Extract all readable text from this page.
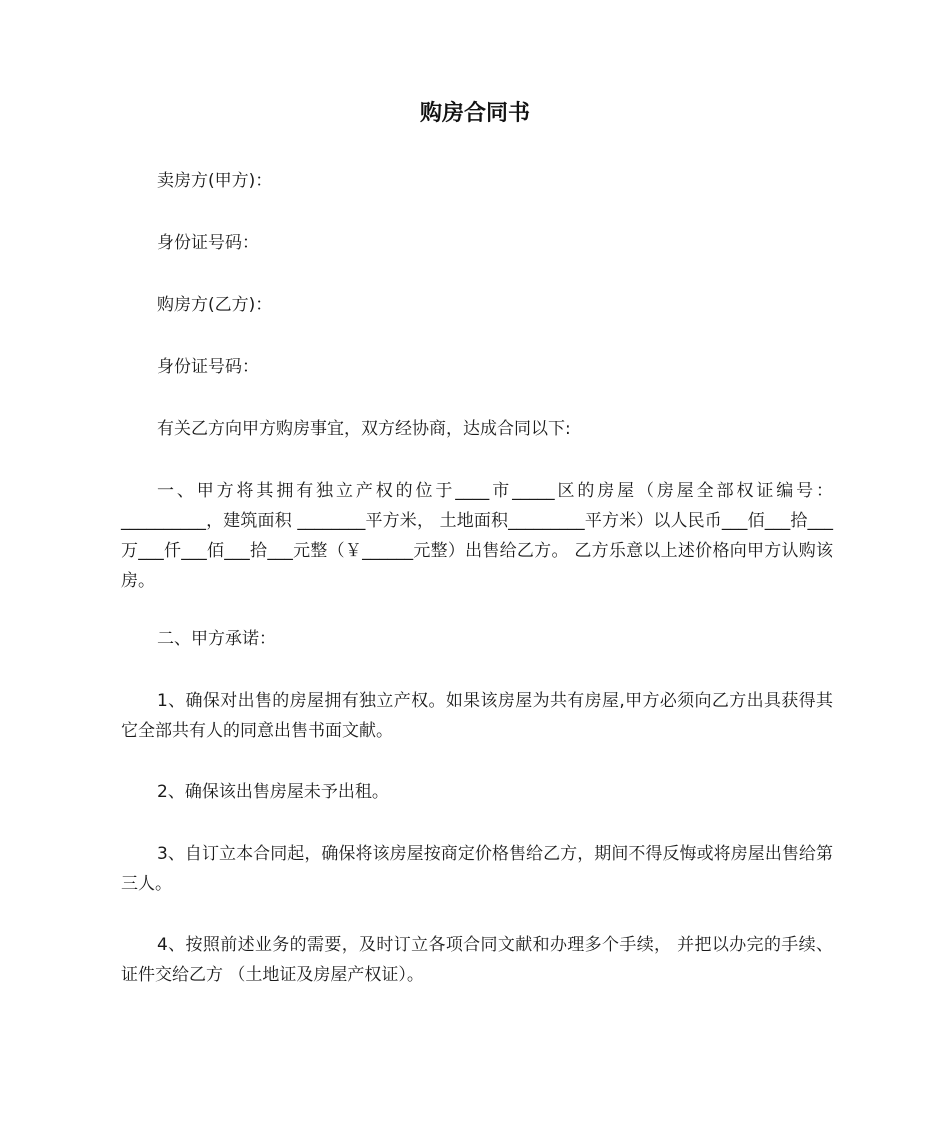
购房合同书

卖房方(甲方)：

身份证号码：

购房方(乙方)：

身份证号码：

有关乙方向甲方购房事宜，双方经协商，达成合同以下:

一、甲方将其拥有独立产权的位于____市_____区的房屋（房屋全部权证编号：__________，建筑面积 ________平方米， 土地面积_________平方米）以人民币___佰___拾___万___仟___佰___拾___元整（￥______元整）出售给乙方。 乙方乐意以上述价格向甲方认购该房。

二、甲方承诺：

1、确保对出售的房屋拥有独立产权。如果该房屋为共有房屋,甲方必须向乙方出具获得其它全部共有人的同意出售书面文献。

2、确保该出售房屋未予出租。

3、自订立本合同起，确保将该房屋按商定价格售给乙方，期间不得反悔或将房屋出售给第三人。

4、按照前述业务的需要，及时订立各项合同文献和办理多个手续， 并把以办完的手续、证件交给乙方 （土地证及房屋产权证）。
